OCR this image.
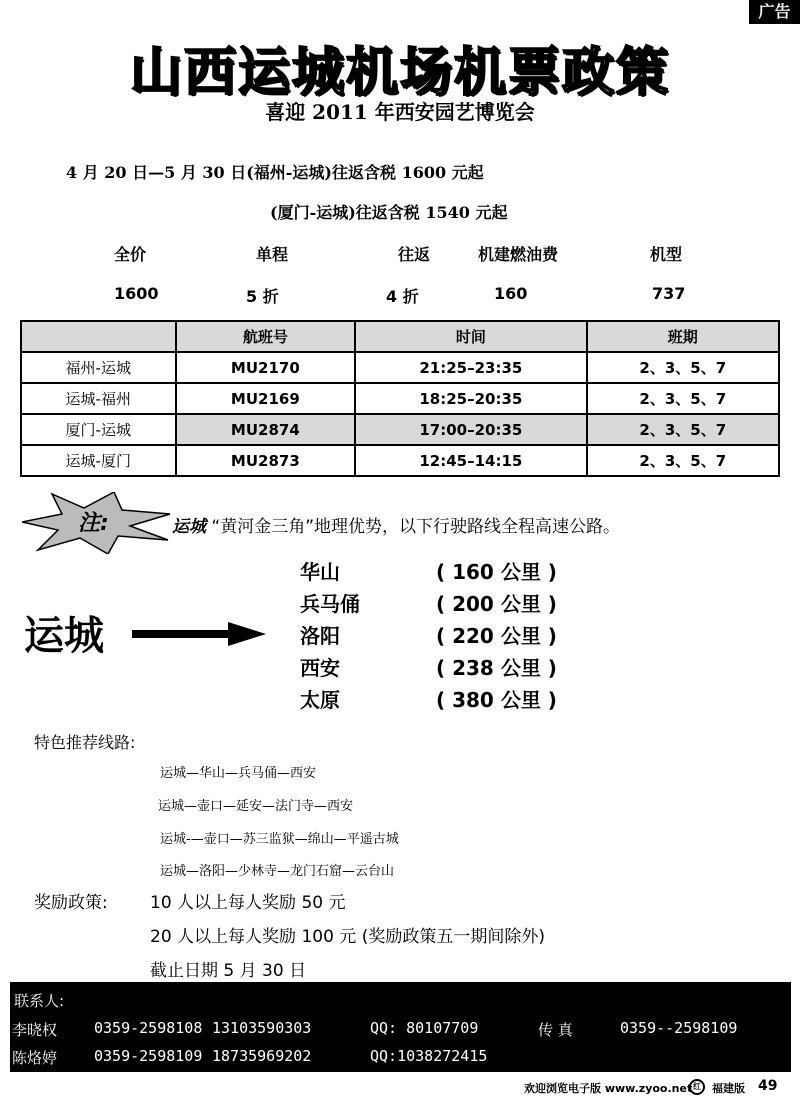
广告
山西运城机场机票政策
喜迎 2011 年西安园艺博览会
4 月 20 日—5 月 30 日(福州-运城)往返含税 1600 元起
(厦门-运城)往返含税 1540 元起
全价	单程	往返	机建燃油费	机型
1600	5 折	4 折	160	737
	航班号	时间	班期
福州-运城	MU2170	21:25–23:35	2、3、5、7
运城-福州	MU2169	18:25–20:35	2、3、5、7
厦门-运城	MU2874	17:00–20:35	2、3、5、7
运城-厦门	MU2873	12:45–14:15	2、3、5、7
注:	运城 “黄河金三角”地理优势，以下行驶路线全程高速公路。
运城
华山	( 160 公里 )
兵马俑	( 200 公里 )
洛阳	( 220 公里 )
西安	( 238 公里 )
太原	( 380 公里 )
特色推荐线路:
运城—华山—兵马俑—西安
运城—壶口—延安—法门寺—西安
运城-—壶口—苏三监狱—绵山—平遥古城
运城—洛阳—少林寺—龙门石窟—云台山
奖励政策: 10 人以上每人奖励 50 元
20 人以上每人奖励 100 元 (奖励政策五一期间除外)
截止日期 5 月 30 日
联系人:
李晓权 0359-2598108 13103590303	QQ: 80107709	传 真	0359--2598109
陈烙婷 0359-2598109 18735969202	QQ:1038272415
欢迎浏览电子版 www.zyoo.net 红	福建版 49
